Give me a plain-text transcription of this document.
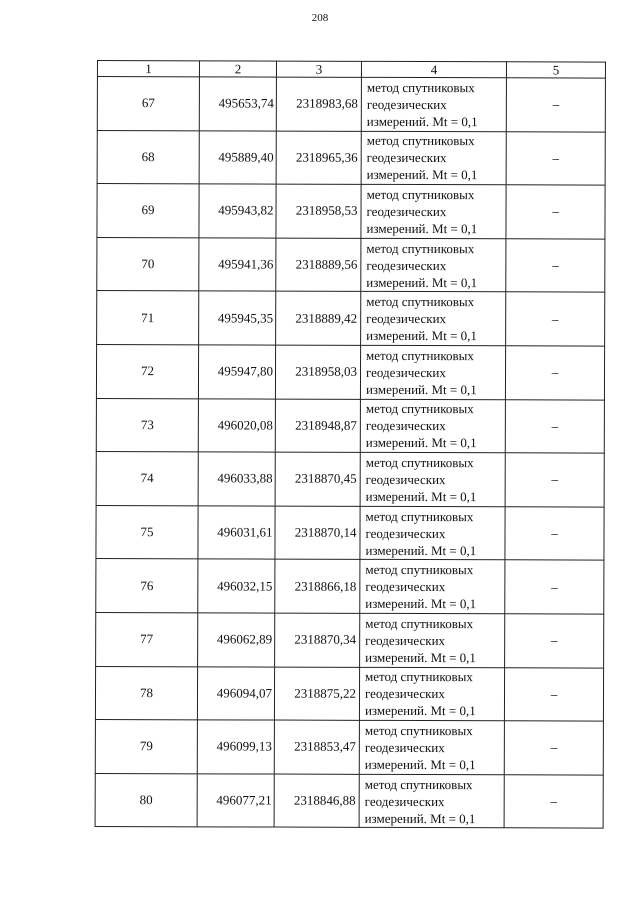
208
1	2	3	4	5
67	495653,74	2318983,68	метод спутниковых
геодезических
измерений. Mt = 0,1	–
68	495889,40	2318965,36	метод спутниковых
геодезических
измерений. Mt = 0,1	–
69	495943,82	2318958,53	метод спутниковых
геодезических
измерений. Mt = 0,1	–
70	495941,36	2318889,56	метод спутниковых
геодезических
измерений. Mt = 0,1	–
71	495945,35	2318889,42	метод спутниковых
геодезических
измерений. Mt = 0,1	–
72	495947,80	2318958,03	метод спутниковых
геодезических
измерений. Mt = 0,1	–
73	496020,08	2318948,87	метод спутниковых
геодезических
измерений. Mt = 0,1	–
74	496033,88	2318870,45	метод спутниковых
геодезических
измерений. Mt = 0,1	–
75	496031,61	2318870,14	метод спутниковых
геодезических
измерений. Mt = 0,1	–
76	496032,15	2318866,18	метод спутниковых
геодезических
измерений. Mt = 0,1	–
77	496062,89	2318870,34	метод спутниковых
геодезических
измерений. Mt = 0,1	–
78	496094,07	2318875,22	метод спутниковых
геодезических
измерений. Mt = 0,1	–
79	496099,13	2318853,47	метод спутниковых
геодезических
измерений. Mt = 0,1	–
80	496077,21	2318846,88	метод спутниковых
геодезических
измерений. Mt = 0,1	–
